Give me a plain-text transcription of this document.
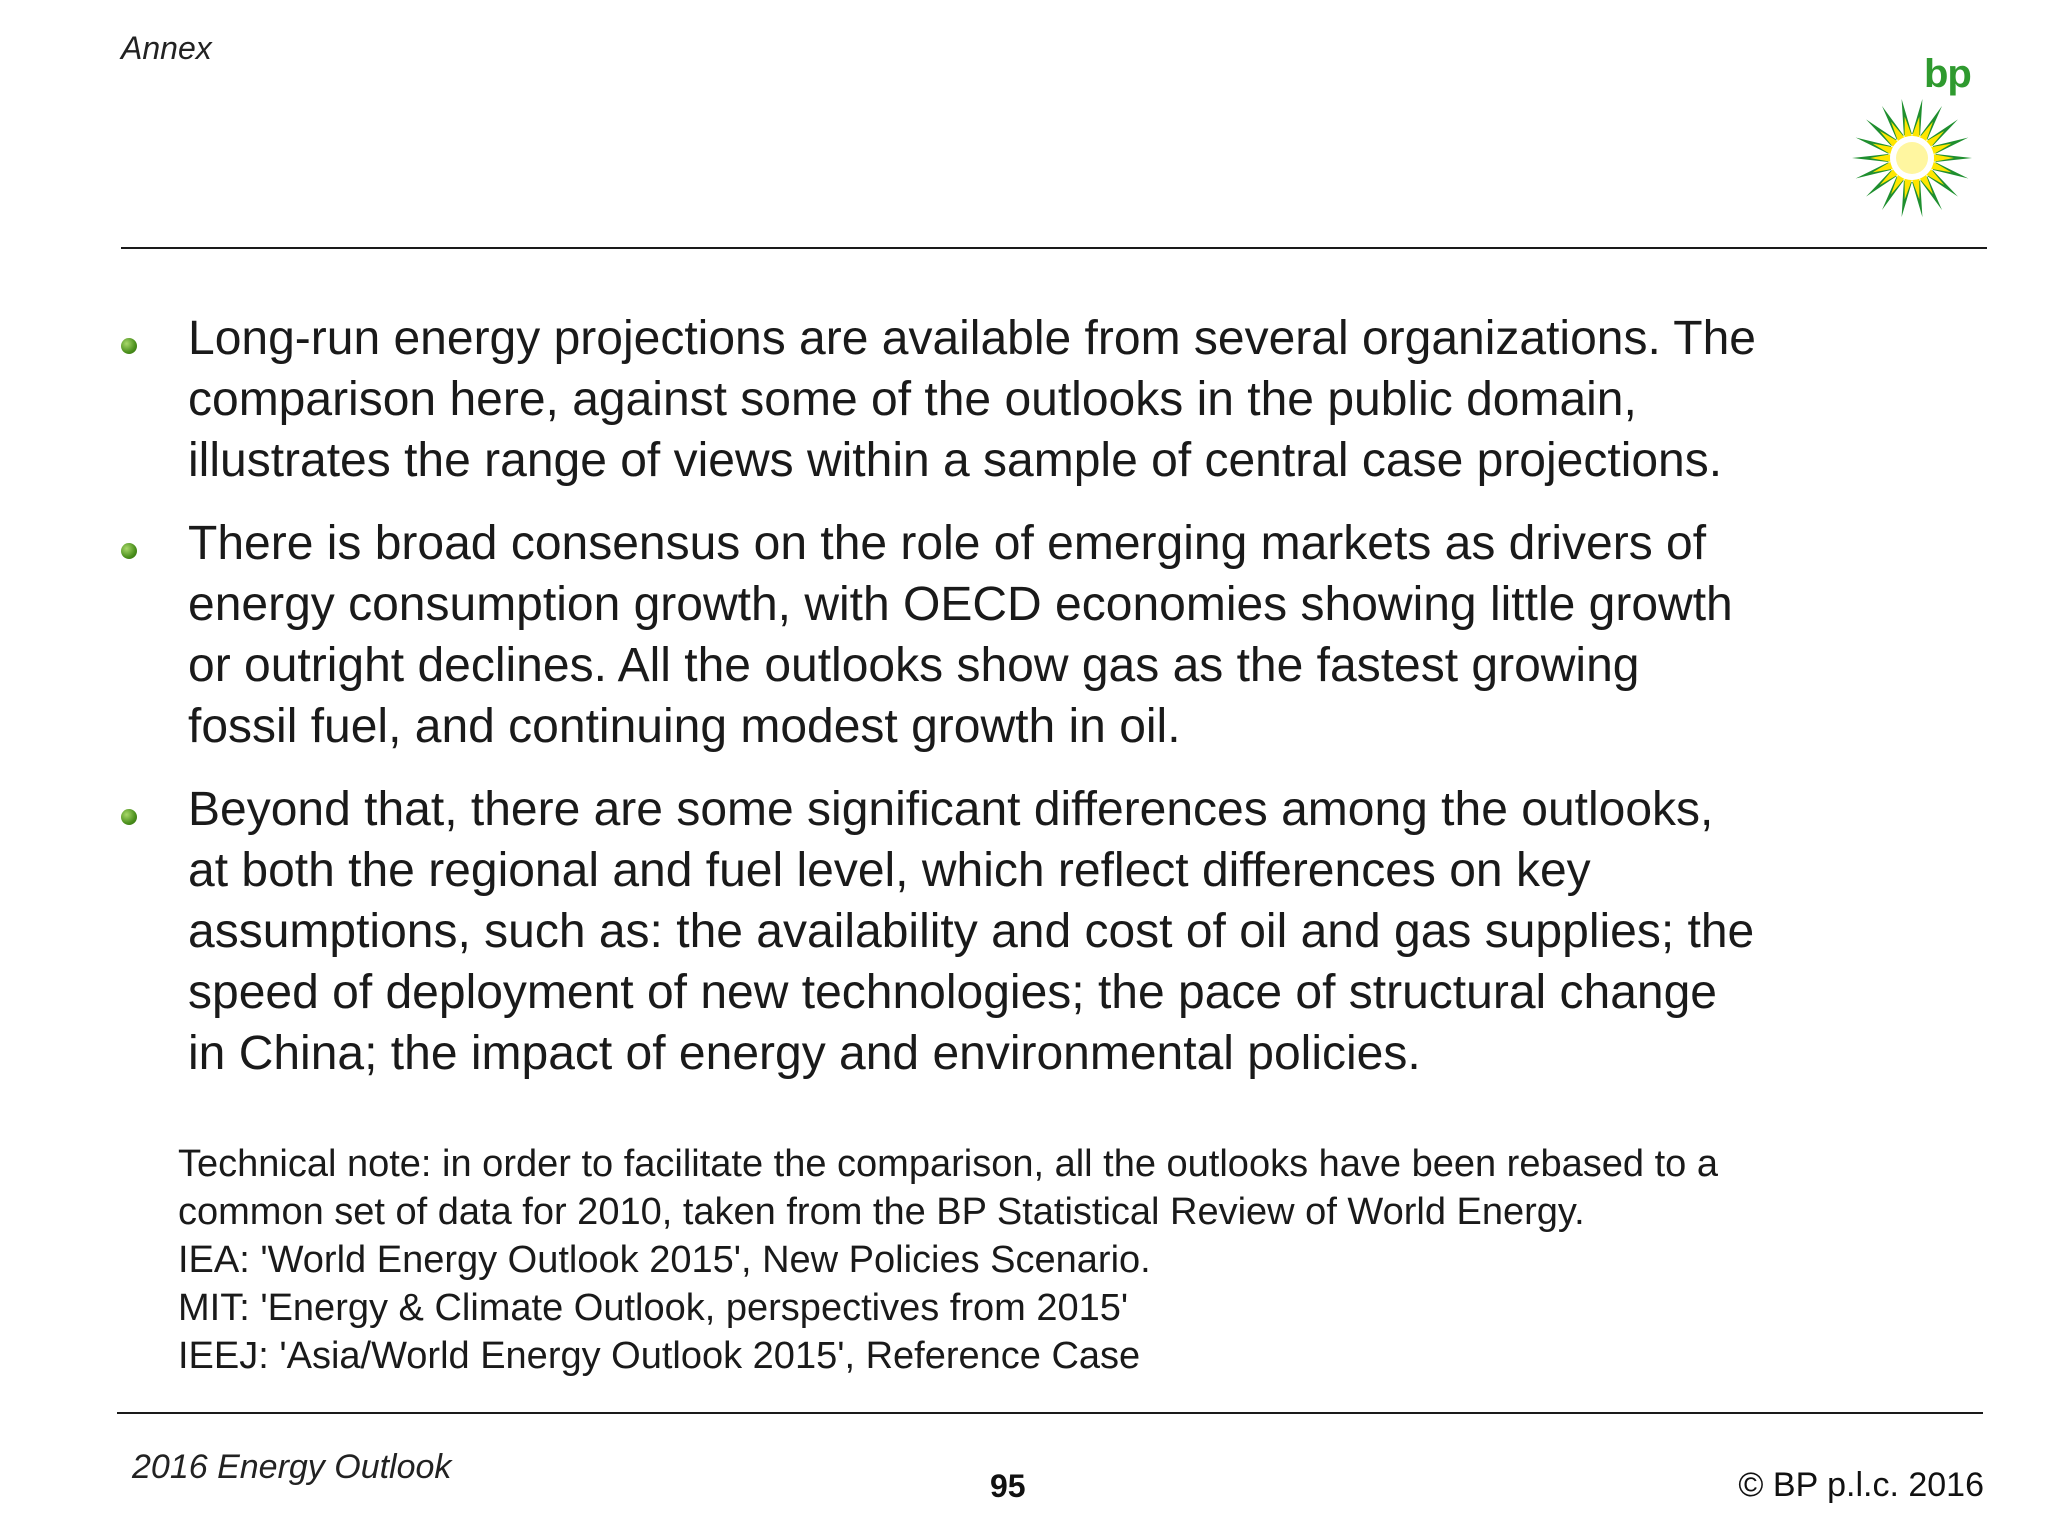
Annex
bp
Long-run energy projections are available from several organizations. The
comparison here, against some of the outlooks in the public domain,
illustrates the range of views within a sample of central case projections.
There is broad consensus on the role of emerging markets as drivers of
energy consumption growth, with OECD economies showing little growth
or outright declines. All the outlooks show gas as the fastest growing
fossil fuel, and continuing modest growth in oil.
Beyond that, there are some significant differences among the outlooks,
at both the regional and fuel level, which reflect differences on key
assumptions, such as: the availability and cost of oil and gas supplies; the
speed of deployment of new technologies; the pace of structural change
in China; the impact of energy and environmental policies.
Technical note: in order to facilitate the comparison, all the outlooks have been rebased to a
common set of data for 2010, taken from the BP Statistical Review of World Energy.
IEA: 'World Energy Outlook 2015', New Policies Scenario.
MIT: 'Energy & Climate Outlook, perspectives from 2015'
IEEJ: 'Asia/World Energy Outlook 2015', Reference Case
2016 Energy Outlook	95	© BP p.l.c. 2016
